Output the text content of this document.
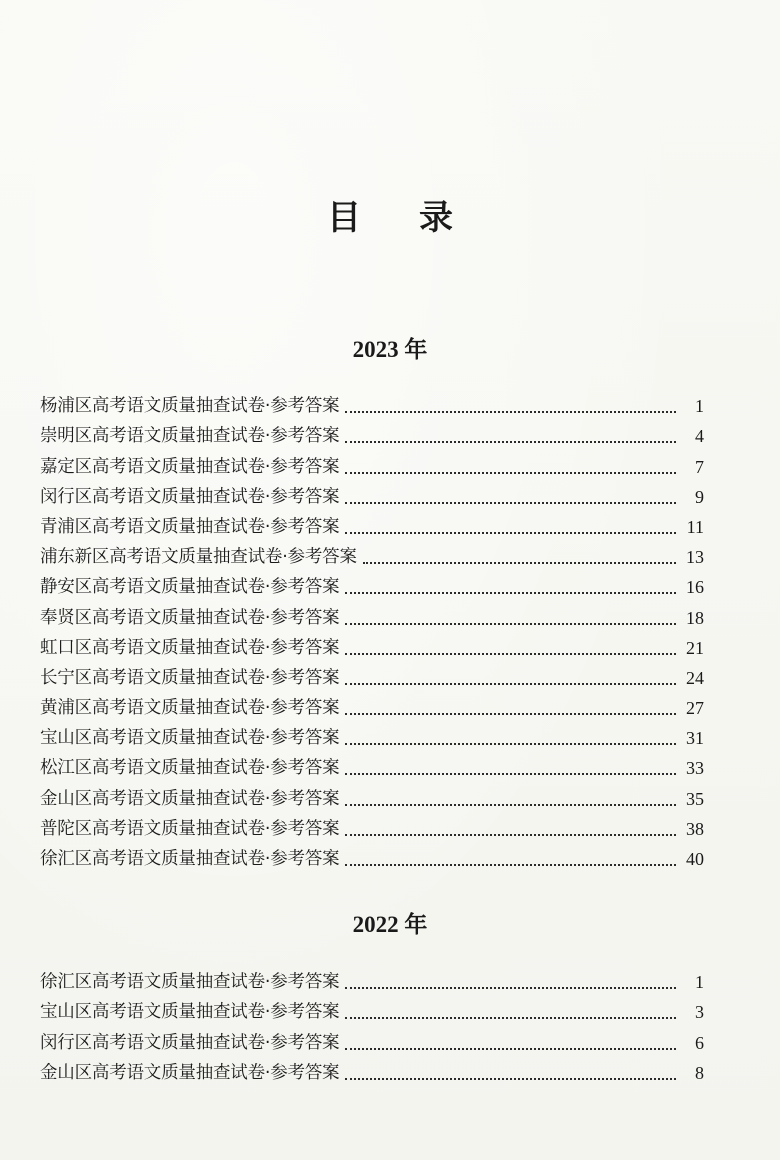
目 录
2023 年
杨浦区高考语文质量抽查试卷·参考答案	1
崇明区高考语文质量抽查试卷·参考答案	4
嘉定区高考语文质量抽查试卷·参考答案	7
闵行区高考语文质量抽查试卷·参考答案	9
青浦区高考语文质量抽查试卷·参考答案	11
浦东新区高考语文质量抽查试卷·参考答案	13
静安区高考语文质量抽查试卷·参考答案	16
奉贤区高考语文质量抽查试卷·参考答案	18
虹口区高考语文质量抽查试卷·参考答案	21
长宁区高考语文质量抽查试卷·参考答案	24
黄浦区高考语文质量抽查试卷·参考答案	27
宝山区高考语文质量抽查试卷·参考答案	31
松江区高考语文质量抽查试卷·参考答案	33
金山区高考语文质量抽查试卷·参考答案	35
普陀区高考语文质量抽查试卷·参考答案	38
徐汇区高考语文质量抽查试卷·参考答案	40
2022 年
徐汇区高考语文质量抽查试卷·参考答案	1
宝山区高考语文质量抽查试卷·参考答案	3
闵行区高考语文质量抽查试卷·参考答案	6
金山区高考语文质量抽查试卷·参考答案	8
